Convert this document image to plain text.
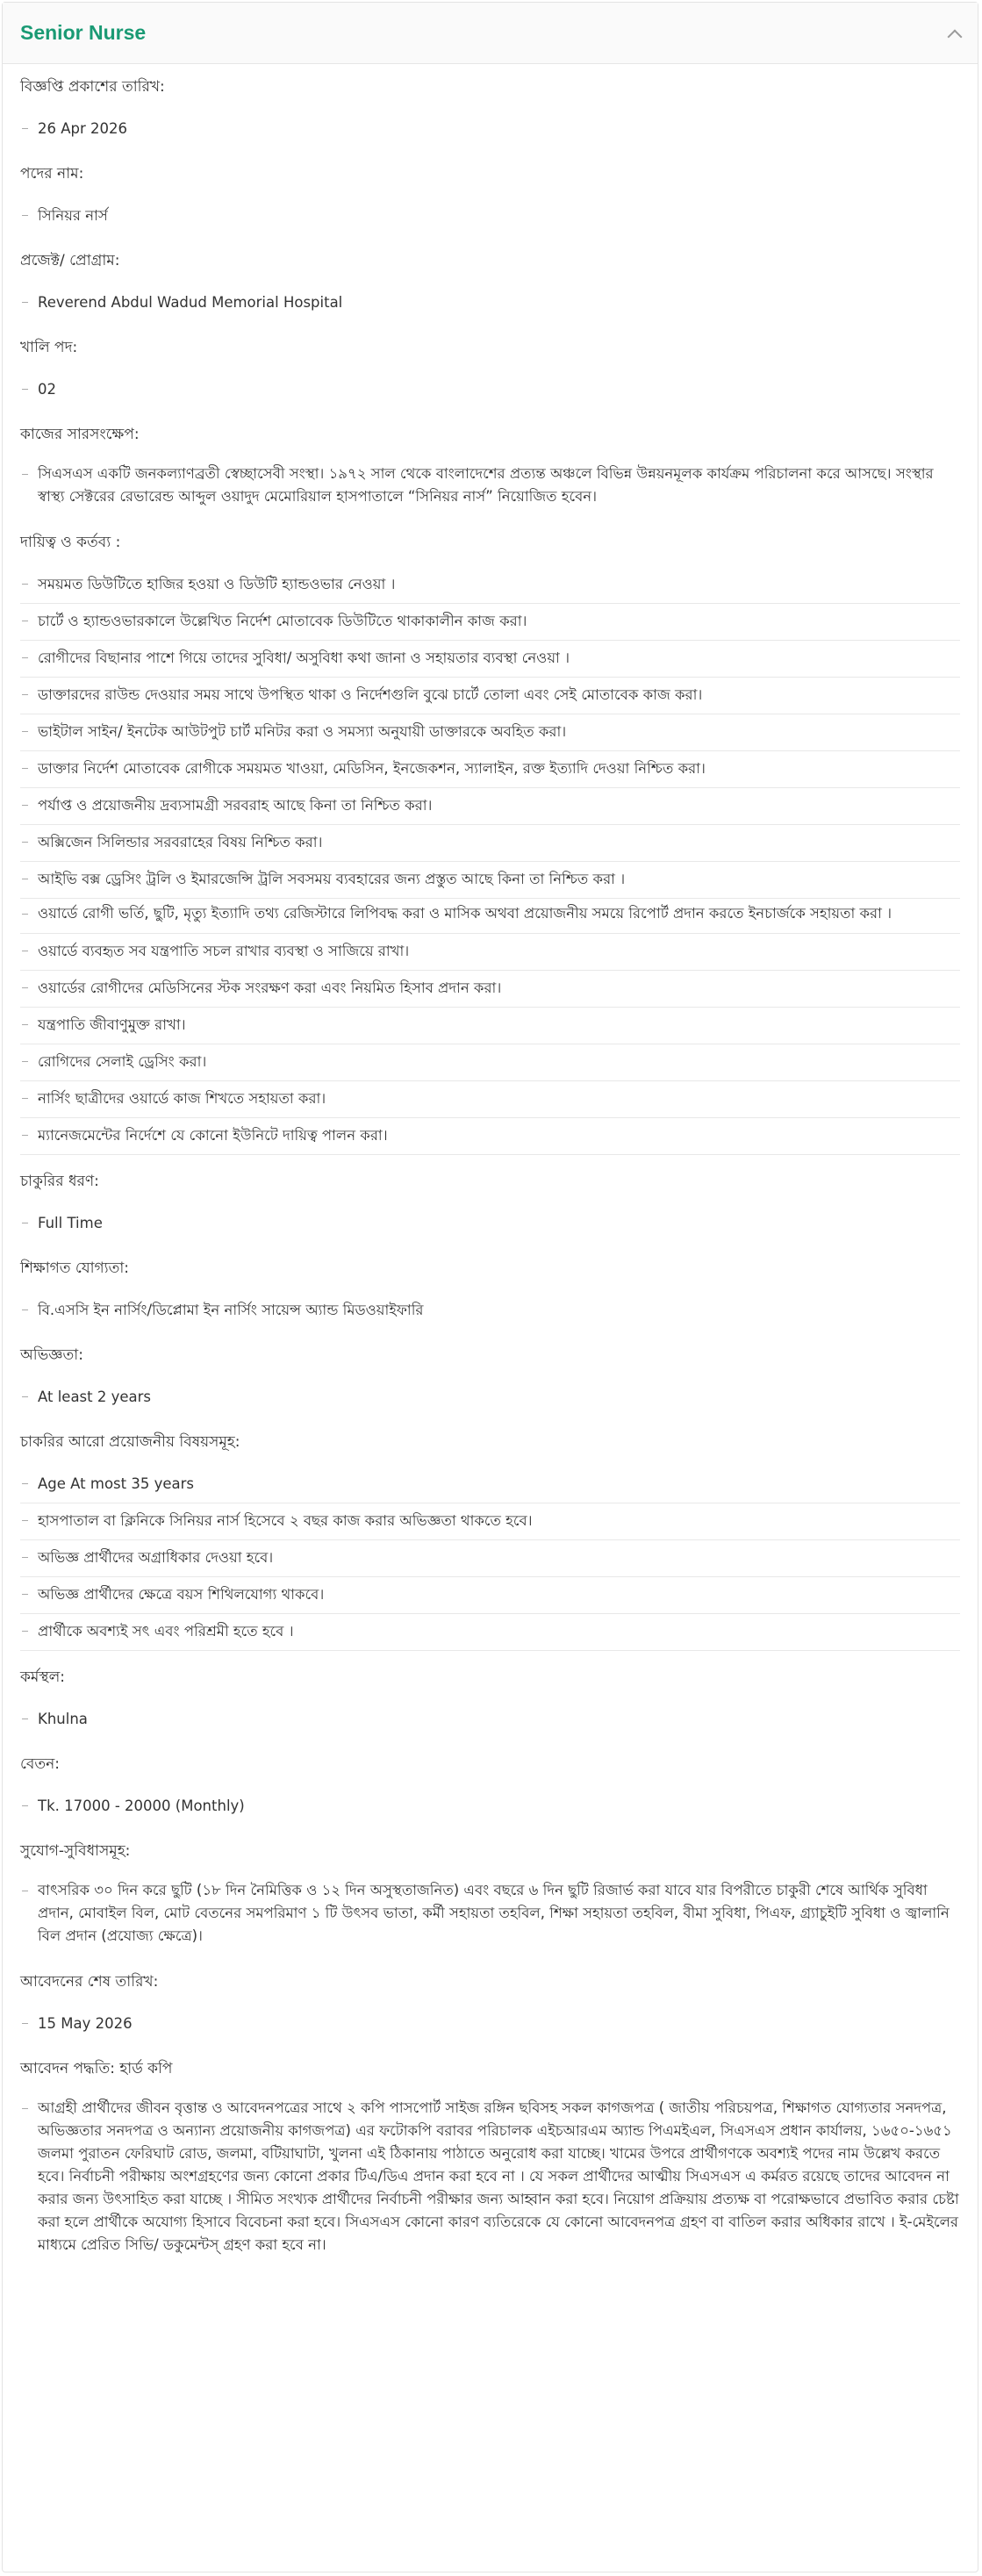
Senior Nurse
বিজ্ঞপ্তি প্রকাশের তারিখ:
26 Apr 2026
পদের নাম:
সিনিয়র নার্স
প্রজেক্ট/ প্রোগ্রাম:
Reverend Abdul Wadud Memorial Hospital
খালি পদ:
02
কাজের সারসংক্ষেপ:
সিএসএস একটি জনকল্যাণব্রতী স্বেচ্ছাসেবী সংস্থা। ১৯৭২ সাল থেকে বাংলাদেশের প্রত্যন্ত অঞ্চলে বিভিন্ন উন্নয়নমূলক কার্যক্রম পরিচালনা করে আসছে। সংস্থার স্বাস্থ্য সেক্টরের রেভারেন্ড আব্দুল ওয়াদুদ মেমোরিয়াল হাসপাতালে “সিনিয়র নার্স” নিয়োজিত হবেন।
দায়িত্ব ও কর্তব্য :
সময়মত ডিউটিতে হাজির হওয়া ও ডিউটি হ্যান্ডওভার নেওয়া ।
চার্টে ও হ্যান্ডওভারকালে উল্লেখিত নির্দেশ মোতাবেক ডিউটিতে থাকাকালীন কাজ করা।
রোগীদের বিছানার পাশে গিয়ে তাদের সুবিধা/ অসুবিধা কথা জানা ও সহায়তার ব্যবস্থা নেওয়া ।
ডাক্তারদের রাউন্ড দেওয়ার সময় সাথে উপস্থিত থাকা ও নির্দেশগুলি বুঝে চার্টে তোলা এবং সেই মোতাবেক কাজ করা।
ভাইটাল সাইন/ ইনটেক আউটপুট চার্ট মনিটর করা ও সমস্যা অনুযায়ী ডাক্তারকে অবহিত করা।
ডাক্তার নির্দেশ মোতাবেক রোগীকে সময়মত খাওয়া, মেডিসিন, ইনজেকশন, স্যালাইন, রক্ত ইত্যাদি দেওয়া নিশ্চিত করা।
পর্যাপ্ত ও প্রয়োজনীয় দ্রব্যসামগ্রী সরবরাহ আছে কিনা তা নিশ্চিত করা।
অক্সিজেন সিলিন্ডার সরবরাহের বিষয় নিশ্চিত করা।
আইভি বক্স ড্রেসিং ট্রলি ও ইমারজেন্সি ট্রলি সবসময় ব্যবহারের জন্য প্রস্তুত আছে কিনা তা নিশ্চিত করা ।
ওয়ার্ডে রোগী ভর্তি, ছুটি, মৃত্যু ইত্যাদি তথ্য রেজিস্টারে লিপিবদ্ধ করা ও মাসিক অথবা প্রয়োজনীয় সময়ে রিপোর্ট প্রদান করতে ইনচার্জকে সহায়তা করা ।
ওয়ার্ডে ব্যবহৃত সব যন্ত্রপাতি সচল রাখার ব্যবস্থা ও সাজিয়ে রাখা।
ওয়ার্ডের রোগীদের মেডিসিনের স্টক সংরক্ষণ করা এবং নিয়মিত হিসাব প্রদান করা।
যন্ত্রপাতি জীবাণুমুক্ত রাখা।
রোগিদের সেলাই ড্রেসিং করা।
নার্সিং ছাত্রীদের ওয়ার্ডে কাজ শিখতে সহায়তা করা।
ম্যানেজমেন্টের নির্দেশে যে কোনো ইউনিটে দায়িত্ব পালন করা।
চাকুরির ধরণ:
Full Time
শিক্ষাগত যোগ্যতা:
বি.এসসি ইন নার্সিং/ডিপ্লোমা ইন নার্সিং সায়েন্স অ্যান্ড মিডওয়াইফারি
অভিজ্ঞতা:
At least 2 years
চাকরির আরো প্রয়োজনীয় বিষয়সমূহ:
Age At most 35 years
হাসপাতাল বা ক্লিনিকে সিনিয়র নার্স হিসেবে ২ বছর কাজ করার অভিজ্ঞতা থাকতে হবে।
অভিজ্ঞ প্রার্থীদের অগ্রাধিকার দেওয়া হবে।
অভিজ্ঞ প্রার্থীদের ক্ষেত্রে বয়স শিথিলযোগ্য থাকবে।
প্রার্থীকে অবশ্যই সৎ এবং পরিশ্রমী হতে হবে ।
কর্মস্থল:
Khulna
বেতন:
Tk. 17000 - 20000 (Monthly)
সুযোগ-সুবিধাসমূহ:
বাৎসরিক ৩০ দিন করে ছুটি (১৮ দিন নৈমিত্তিক ও ১২ দিন অসুস্থতাজনিত) এবং বছরে ৬ দিন ছুটি রিজার্ভ করা যাবে যার বিপরীতে চাকুরী শেষে আর্থিক সুবিধা প্রদান, মোবাইল বিল, মোট বেতনের সমপরিমাণ ১ টি উৎসব ভাতা, কর্মী সহায়তা তহবিল, শিক্ষা সহায়তা তহবিল, বীমা সুবিধা, পিএফ, গ্র্যাচুইটি সুবিধা ও জ্বালানি বিল প্রদান (প্রযোজ্য ক্ষেত্রে)।
আবেদনের শেষ তারিখ:
15 May 2026
আবেদন পদ্ধতি: হার্ড কপি
আগ্রহী প্রার্থীদের জীবন বৃত্তান্ত ও আবেদনপত্রের সাথে ২ কপি পাসপোর্ট সাইজ রঙ্গিন ছবিসহ সকল কাগজপত্র ( জাতীয় পরিচয়পত্র, শিক্ষাগত যোগ্যতার সনদপত্র, অভিজ্ঞতার সনদপত্র ও অন্যান্য প্রয়োজনীয় কাগজপত্র) এর ফটোকপি বরাবর পরিচালক এইচআরএম অ্যান্ড পিএমইএল, সিএসএস প্রধান কার্যালয়, ১৬৫০-১৬৫১ জলমা পুরাতন ফেরিঘাট রোড, জলমা, বটিয়াঘাটা, খুলনা এই ঠিকানায় পাঠাতে অনুরোধ করা যাচ্ছে। খামের উপরে প্রার্থীগণকে অবশ্যই পদের নাম উল্লেখ করতে হবে। নির্বাচনী পরীক্ষায় অংশগ্রহণের জন্য কোনো প্রকার টিএ/ডিএ প্রদান করা হবে না । যে সকল প্রার্থীদের আত্মীয় সিএসএস এ কর্মরত রয়েছে তাদের আবেদন না করার জন্য উৎসাহিত করা যাচ্ছে । সীমিত সংখ্যক প্রার্থীদের নির্বাচনী পরীক্ষার জন্য আহ্বান করা হবে। নিয়োগ প্রক্রিয়ায় প্রত্যক্ষ বা পরোক্ষভাবে প্রভাবিত করার চেষ্টা করা হলে প্রার্থীকে অযোগ্য হিসাবে বিবেচনা করা হবে। সিএসএস কোনো কারণ ব্যতিরেকে যে কোনো আবেদনপত্র গ্রহণ বা বাতিল করার অধিকার রাখে । ই-মেইলের মাধ্যমে প্রেরিত সিভি/ ডকুমেন্টস্ গ্রহণ করা হবে না।
